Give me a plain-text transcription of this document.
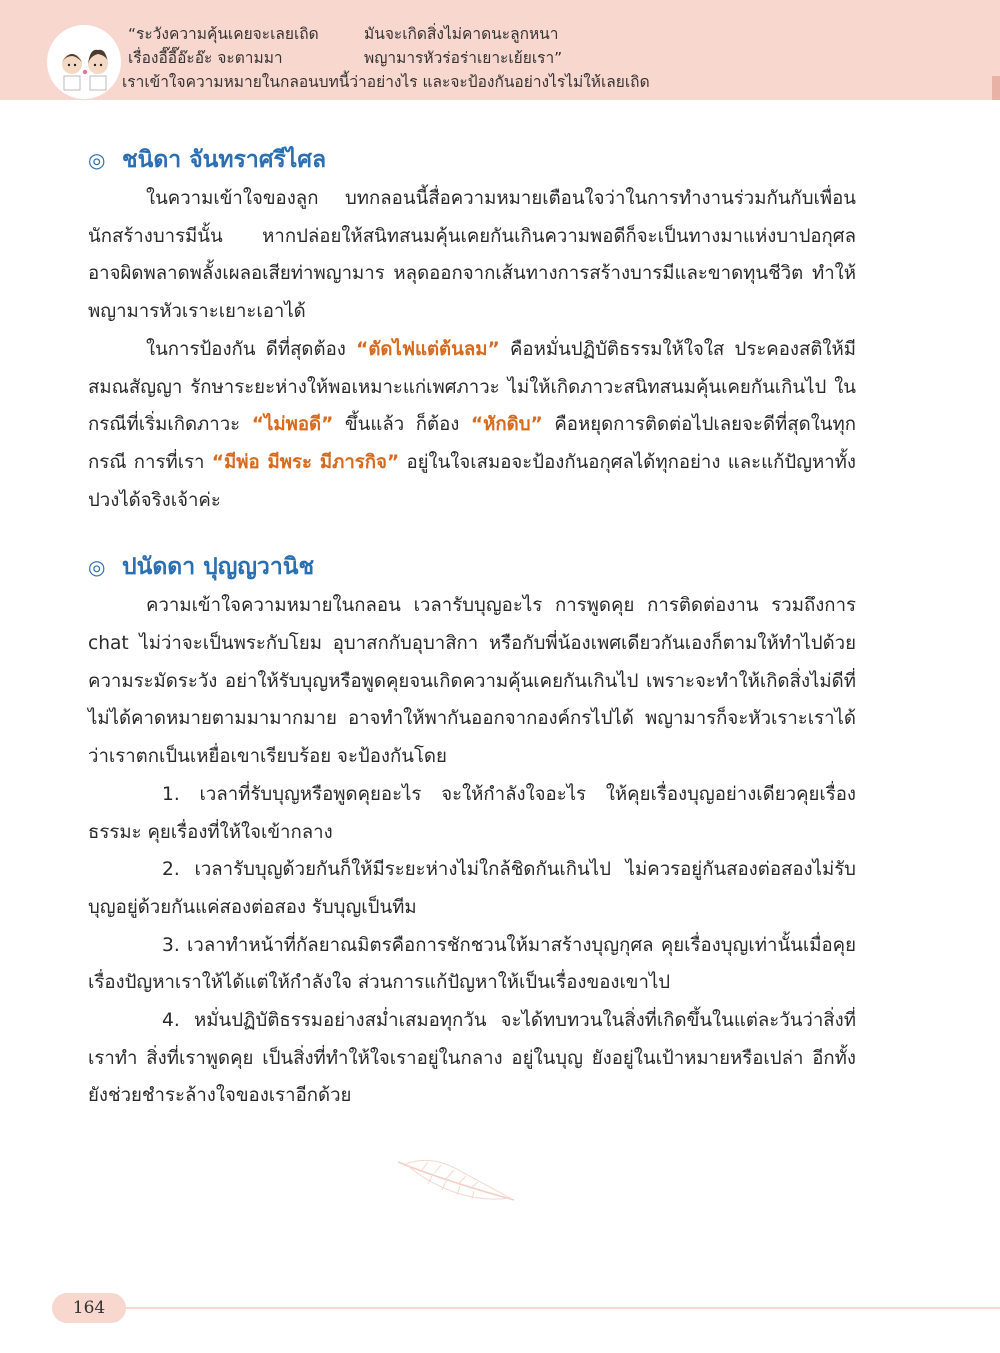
“ระวังความคุ้นเคยจะเลยเถิด	มันจะเกิดสิ่งไม่คาดนะลูกหนา
เรื่องอี๊อี๊อ๊ะอ๊ะ จะตามมา	พญามารหัวร่อร่าเยาะเย้ยเรา”
เราเข้าใจความหมายในกลอนบทนี้ว่าอย่างไร และจะป้องกันอย่างไรไม่ให้เลยเถิด
◎ ชนิดา จันทราศรีไศล

ในความเข้าใจของลูก บทกลอนนี้สื่อความหมายเตือนใจว่าในการทำงานร่วมกันกับเพื่อนนักสร้างบารมีนั้น หากปล่อยให้สนิทสนมคุ้นเคยกันเกินความพอดีก็จะเป็นทางมาแห่งบาปอกุศล อาจผิดพลาดพลั้งเผลอเสียท่าพญามาร หลุดออกจากเส้นทางการสร้างบารมีและขาดทุนชีวิต ทำให้พญามารหัวเราะเยาะเอาได้

ในการป้องกัน ดีที่สุดต้อง “ตัดไฟแต่ต้นลม” คือหมั่นปฏิบัติธรรมให้ใจใส ประคองสติให้มีสมณสัญญา รักษาระยะห่างให้พอเหมาะแก่เพศภาวะ ไม่ให้เกิดภาวะสนิทสนมคุ้นเคยกันเกินไป ในกรณีที่เริ่มเกิดภาวะ “ไม่พอดี” ขึ้นแล้ว ก็ต้อง “หักดิบ” คือหยุดการติดต่อไปเลยจะดีที่สุดในทุกกรณี การที่เรา “มีพ่อ มีพระ มีภารกิจ” อยู่ในใจเสมอจะป้องกันอกุศลได้ทุกอย่าง และแก้ปัญหาทั้งปวงได้จริงเจ้าค่ะ

◎ ปนัดดา ปุญญวานิช

ความเข้าใจความหมายในกลอน เวลารับบุญอะไร การพูดคุย การติดต่องาน รวมถึงการ chat ไม่ว่าจะเป็นพระกับโยม อุบาสกกับอุบาสิกา หรือกับพี่น้องเพศเดียวกันเองก็ตามให้ทำไปด้วยความระมัดระวัง อย่าให้รับบุญหรือพูดคุยจนเกิดความคุ้นเคยกันเกินไป เพราะจะทำให้เกิดสิ่งไม่ดีที่ไม่ได้คาดหมายตามมามากมาย อาจทำให้พากันออกจากองค์กรไปได้ พญามารก็จะหัวเราะเราได้ว่าเราตกเป็นเหยื่อเขาเรียบร้อย จะป้องกันโดย

1. เวลาที่รับบุญหรือพูดคุยอะไร จะให้กำลังใจอะไร ให้คุยเรื่องบุญอย่างเดียวคุยเรื่องธรรมะ คุยเรื่องที่ให้ใจเข้ากลาง

2. เวลารับบุญด้วยกันก็ให้มีระยะห่างไม่ใกล้ชิดกันเกินไป ไม่ควรอยู่กันสองต่อสองไม่รับบุญอยู่ด้วยกันแค่สองต่อสอง รับบุญเป็นทีม

3. เวลาทำหน้าที่กัลยาณมิตรคือการชักชวนให้มาสร้างบุญกุศล คุยเรื่องบุญเท่านั้นเมื่อคุยเรื่องปัญหาเราให้ได้แต่ให้กำลังใจ ส่วนการแก้ปัญหาให้เป็นเรื่องของเขาไป

4. หมั่นปฏิบัติธรรมอย่างสม่ำเสมอทุกวัน จะได้ทบทวนในสิ่งที่เกิดขึ้นในแต่ละวันว่าสิ่งที่เราทำ สิ่งที่เราพูดคุย เป็นสิ่งที่ทำให้ใจเราอยู่ในกลาง อยู่ในบุญ ยังอยู่ในเป้าหมายหรือเปล่า อีกทั้งยังช่วยชำระล้างใจของเราอีกด้วย

164
